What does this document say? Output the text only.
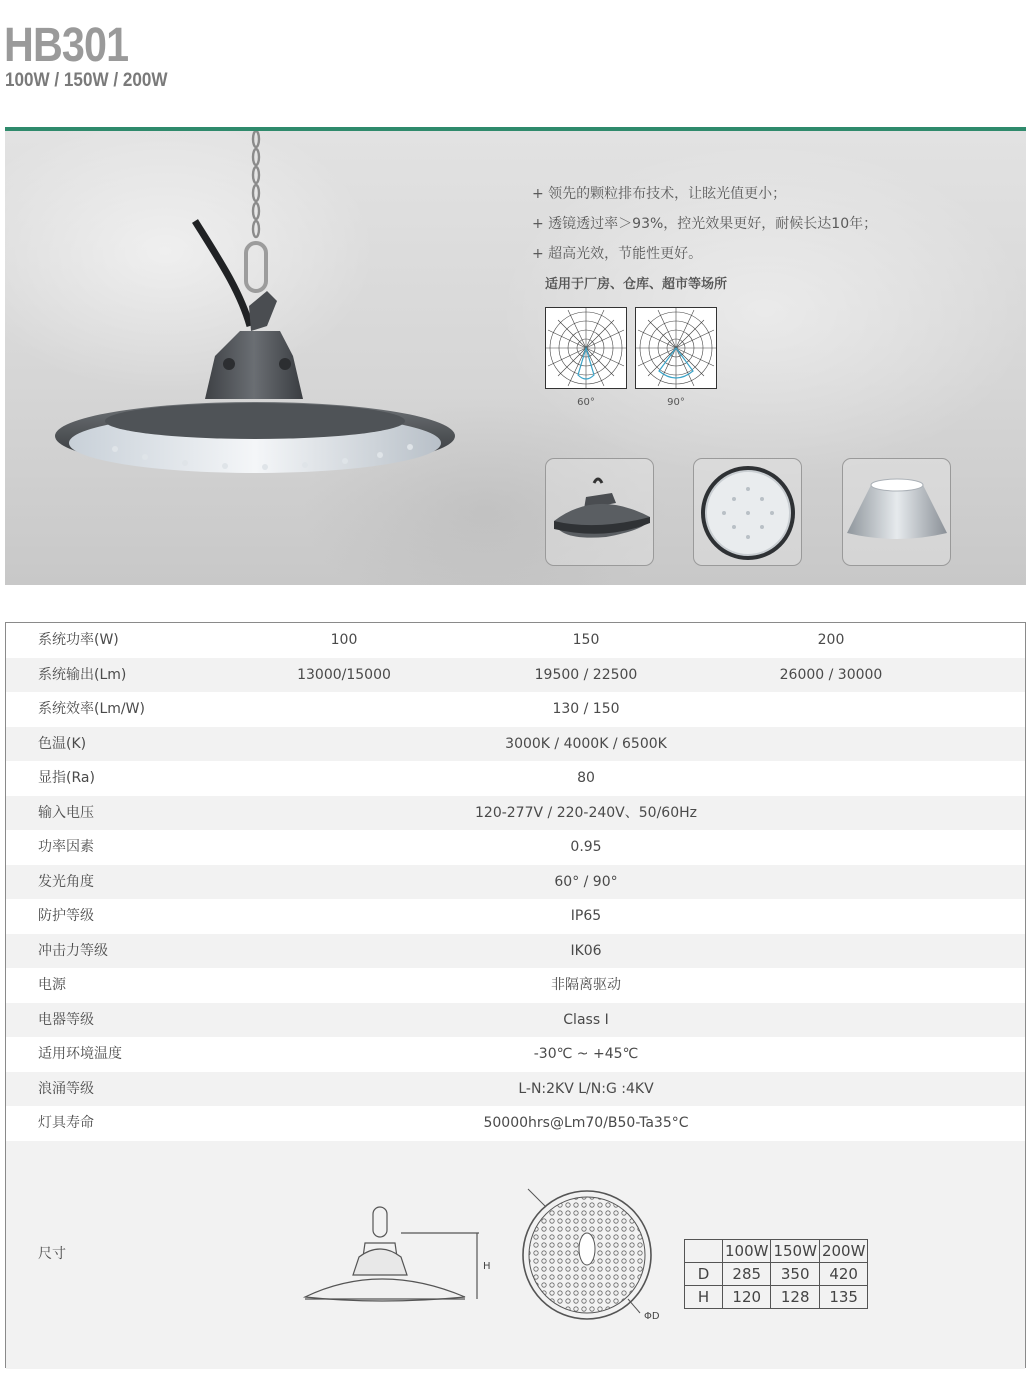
HB301
100W / 150W / 200W
+ 领先的颗粒排布技术，让眩光值更小；
+ 透镜透过率＞93%，控光效果更好，耐候长达10年；
+ 超高光效，节能性更好。
适用于厂房、仓库、超市等场所
60°	90°
系统功率(W)	100	150	200
系统输出(Lm)	13000/15000	19500 / 22500	26000 / 30000
系统效率(Lm/W)	130 / 150
色温(K)	3000K / 4000K / 6500K
显指(Ra)	80
输入电压	120-277V / 220-240V、50/60Hz
功率因素	0.95
发光角度	60° / 90°
防护等级	IP65
冲击力等级	IK06
电源	非隔离驱动
电器等级	Class Ⅰ
适用环境温度	-30℃ ~ +45℃
浪涌等级	L-N:2KV L/N:G :4KV
灯具寿命	50000hrs@Lm70/B50-Ta35°C
尺寸
H
ΦD
	100W	150W	200W
D	285	350	420
H	120	128	135
